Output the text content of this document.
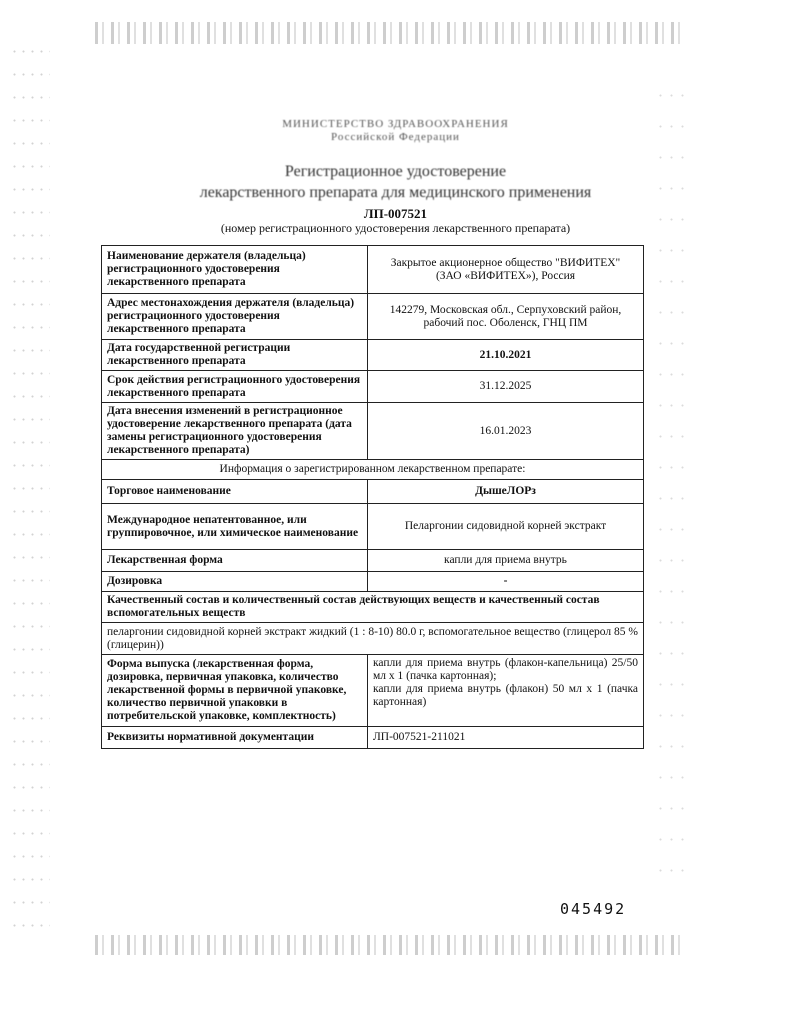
МИНИСТЕРСТВО ЗДРАВООХРАНЕНИЯ
Российской Федерации
Регистрационное удостоверение
лекарственного препарата для медицинского применения
ЛП-007521
(номер регистрационного удостоверения лекарственного препарата)
Наименование держателя (владельца) регистрационного удостоверения лекарственного препарата	Закрытое акционерное общество "ВИФИТЕХ"
(ЗАО «ВИФИТЕХ»), Россия

Адрес местонахождения держателя (владельца) регистрационного удостоверения лекарственного препарата	142279, Московская обл., Серпуховский район,
рабочий пос. Оболенск, ГНЦ ПМ

Дата государственной регистрации лекарственного препарата	21.10.2021
Срок действия регистрационного удостоверения лекарственного препарата	31.12.2025
Дата внесения изменений в регистрационное удостоверение лекарственного препарата (дата замены регистрационного удостоверения лекарственного препарата)	16.01.2023
Информация о зарегистрированном лекарственном препарате:	
Торговое наименование	ДышеЛОРз
Международное непатентованное, или группировочное, или химическое наименование	Пеларгонии сидовидной корней экстракт
Лекарственная форма	капли для приема внутрь
Дозировка	-
Качественный состав и количественный состав действующих веществ и качественный состав вспомогательных веществ	
пеларгонии сидовидной корней экстракт жидкий (1 : 8-10) 80.0 г, вспомогательное вещество (глицерол 85 % (глицерин))	
Форма выпуска (лекарственная форма, дозировка, первичная упаковка, количество лекарственной формы в первичной упаковке, количество первичной упаковки в потребительской упаковке, комплектность)	капли для приема внутрь (флакон-капельница) 25/50 мл х 1 (пачка картонная);
капли для приема внутрь (флакон) 50 мл х 1 (пачка картонная)

Реквизиты нормативной документации	ЛП-007521-211021
045492
